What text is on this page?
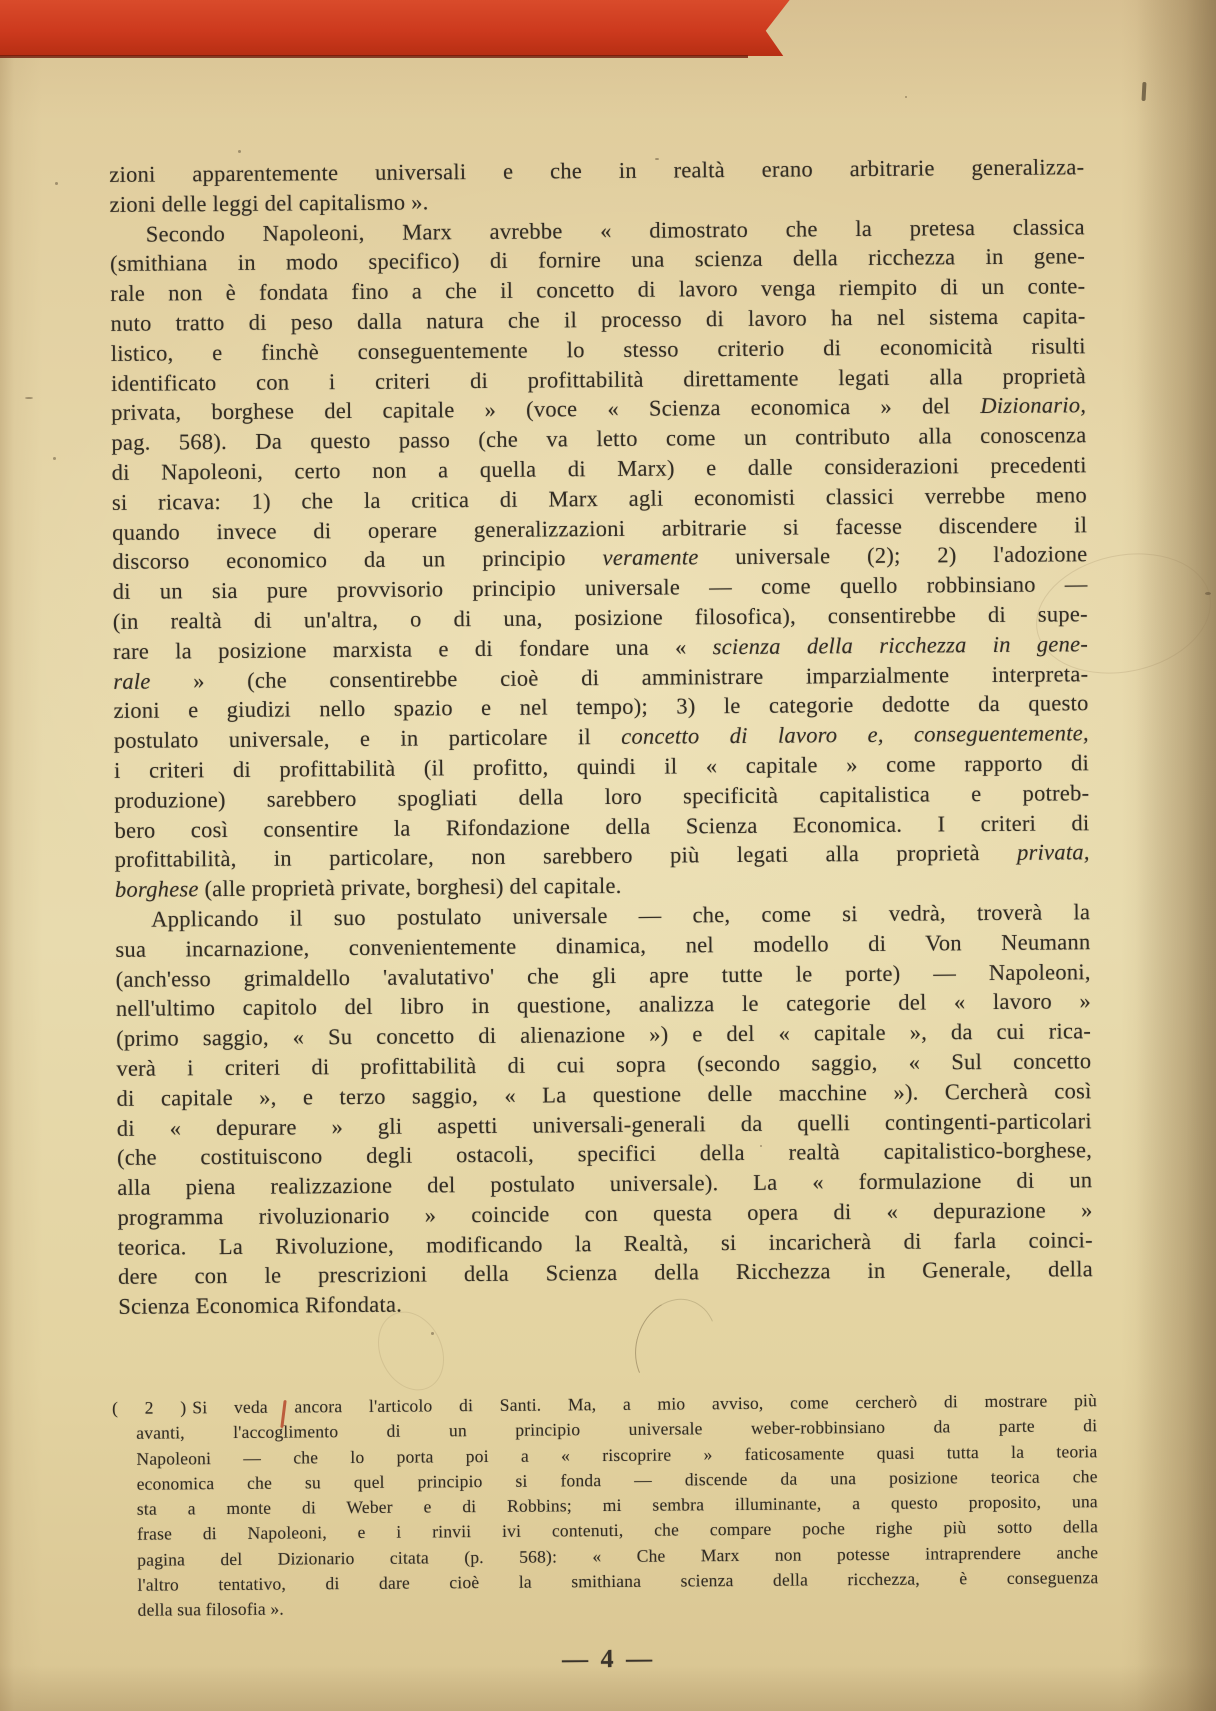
zioni apparentemente universali e che in realtà erano arbitrarie generalizza-
zioni delle leggi del capitalismo ».
Secondo Napoleoni, Marx avrebbe « dimostrato che la pretesa classica
(smithiana in modo specifico) di fornire una scienza della ricchezza in gene-
rale non è fondata fino a che il concetto di lavoro venga riempito di un conte-
nuto tratto di peso dalla natura che il processo di lavoro ha nel sistema capita-
listico, e finchè conseguentemente lo stesso criterio di economicità risulti
identificato con i criteri di profittabilità direttamente legati alla proprietà
privata, borghese del capitale » (voce « Scienza economica » del Dizionario,
pag. 568). Da questo passo (che va letto come un contributo alla conoscenza
di Napoleoni, certo non a quella di Marx) e dalle considerazioni precedenti
si ricava: 1) che la critica di Marx agli economisti classici verrebbe meno
quando invece di operare generalizzazioni arbitrarie si facesse discendere il
discorso economico da un principio veramente universale (2); 2) l'adozione
di un sia pure provvisorio principio universale — come quello robbinsiano —
(in realtà di un'altra, o di una, posizione filosofica), consentirebbe di supe-
rare la posizione marxista e di fondare una « scienza della ricchezza in gene-
rale » (che consentirebbe cioè di amministrare imparzialmente interpreta-
zioni e giudizi nello spazio e nel tempo); 3) le categorie dedotte da questo
postulato universale, e in particolare il concetto di lavoro e, conseguentemente,
i criteri di profittabilità (il profitto, quindi il « capitale » come rapporto di
produzione) sarebbero spogliati della loro specificità capitalistica e potreb-
bero così consentire la Rifondazione della Scienza Economica. I criteri di
profittabilità, in particolare, non sarebbero più legati alla proprietà privata,
borghese (alle proprietà private, borghesi) del capitale.
Applicando il suo postulato universale — che, come si vedrà, troverà la
sua incarnazione, convenientemente dinamica, nel modello di Von Neumann
(anch'esso grimaldello 'avalutativo' che gli apre tutte le porte) — Napoleoni,
nell'ultimo capitolo del libro in questione, analizza le categorie del « lavoro »
(primo saggio, « Su concetto di alienazione ») e del « capitale », da cui rica-
verà i criteri di profittabilità di cui sopra (secondo saggio, « Sul concetto
di capitale », e terzo saggio, « La questione delle macchine »). Cercherà così
di « depurare » gli aspetti universali-generali da quelli contingenti-particolari
(che costituiscono degli ostacoli, specifici della realtà capitalistico-borghese,
alla piena realizzazione del postulato universale). La « formulazione di un
programma rivoluzionario » coincide con questa opera di « depurazione »
teorica. La Rivoluzione, modificando la Realtà, si incaricherà di farla coinci-
dere con le prescrizioni della Scienza della Ricchezza in Generale, della
Scienza Economica Rifondata.
( 2 ) Si veda ancora l'articolo di Santi. Ma, a mio avviso, come cercherò di mostrare più
avanti, l'accoglimento di un principio universale weber-robbinsiano da parte di
Napoleoni — che lo porta poi a « riscoprire » faticosamente quasi tutta la teoria
economica che su quel principio si fonda — discende da una posizione teorica che
sta a monte di Weber e di Robbins; mi sembra illuminante, a questo proposito, una
frase di Napoleoni, e i rinvii ivi contenuti, che compare poche righe più sotto della
pagina del Dizionario citata (p. 568): « Che Marx non potesse intraprendere anche
l'altro tentativo, di dare cioè la smithiana scienza della ricchezza, è conseguenza
della sua filosofia ».
— 4 —
